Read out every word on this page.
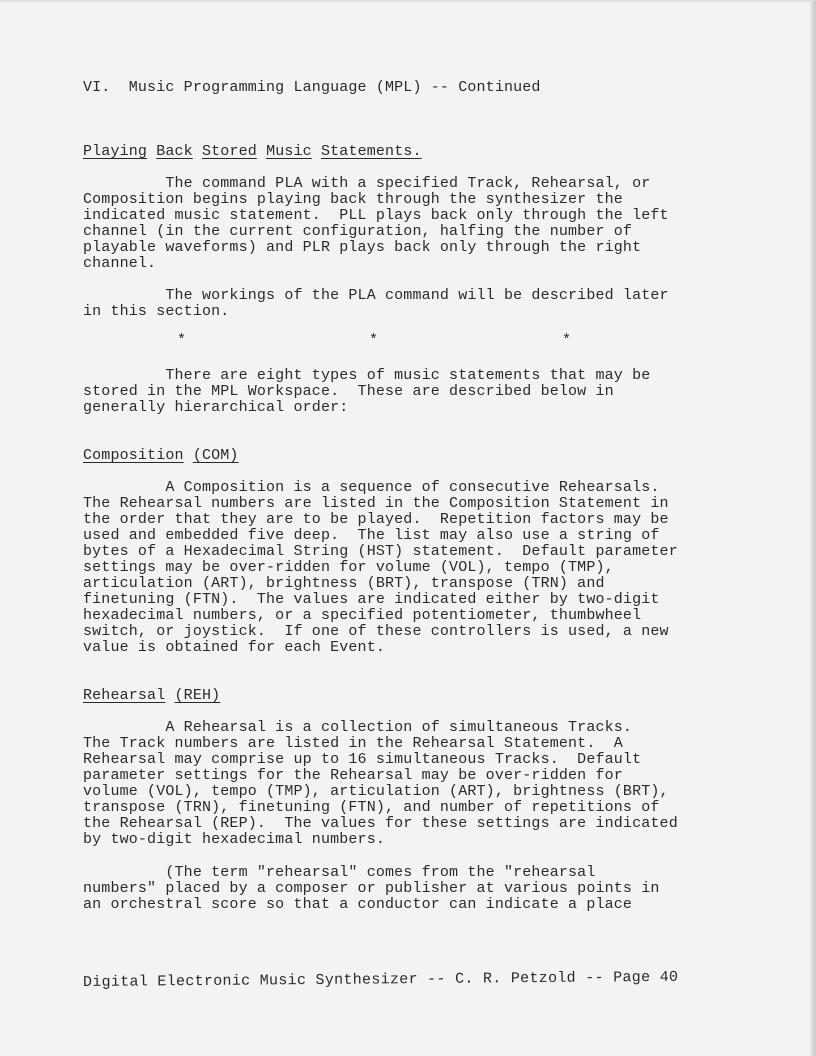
VI.  Music Programming Language (MPL) -- Continued
Playing Back Stored Music Statements.
The command PLA with a specified Track, Rehearsal, or
Composition begins playing back through the synthesizer the
indicated music statement.  PLL plays back only through the left
channel (in the current configuration, halfing the number of
playable waveforms) and PLR plays back only through the right
channel.
The workings of the PLA command will be described later
in this section.
*	*	*
There are eight types of music statements that may be
stored in the MPL Workspace.  These are described below in
generally hierarchical order:
Composition (COM)
A Composition is a sequence of consecutive Rehearsals.
The Rehearsal numbers are listed in the Composition Statement in
the order that they are to be played.  Repetition factors may be
used and embedded five deep.  The list may also use a string of
bytes of a Hexadecimal String (HST) statement.  Default parameter
settings may be over-ridden for volume (VOL), tempo (TMP),
articulation (ART), brightness (BRT), transpose (TRN) and
finetuning (FTN).  The values are indicated either by two-digit
hexadecimal numbers, or a specified potentiometer, thumbwheel
switch, or joystick.  If one of these controllers is used, a new
value is obtained for each Event.
Rehearsal (REH)
A Rehearsal is a collection of simultaneous Tracks.
The Track numbers are listed in the Rehearsal Statement.  A
Rehearsal may comprise up to 16 simultaneous Tracks.  Default
parameter settings for the Rehearsal may be over-ridden for
volume (VOL), tempo (TMP), articulation (ART), brightness (BRT),
transpose (TRN), finetuning (FTN), and number of repetitions of
the Rehearsal (REP).  The values for these settings are indicated
by two-digit hexadecimal numbers.
(The term "rehearsal" comes from the "rehearsal
numbers" placed by a composer or publisher at various points in
an orchestral score so that a conductor can indicate a place
Digital Electronic Music Synthesizer -- C. R. Petzold -- Page 40
